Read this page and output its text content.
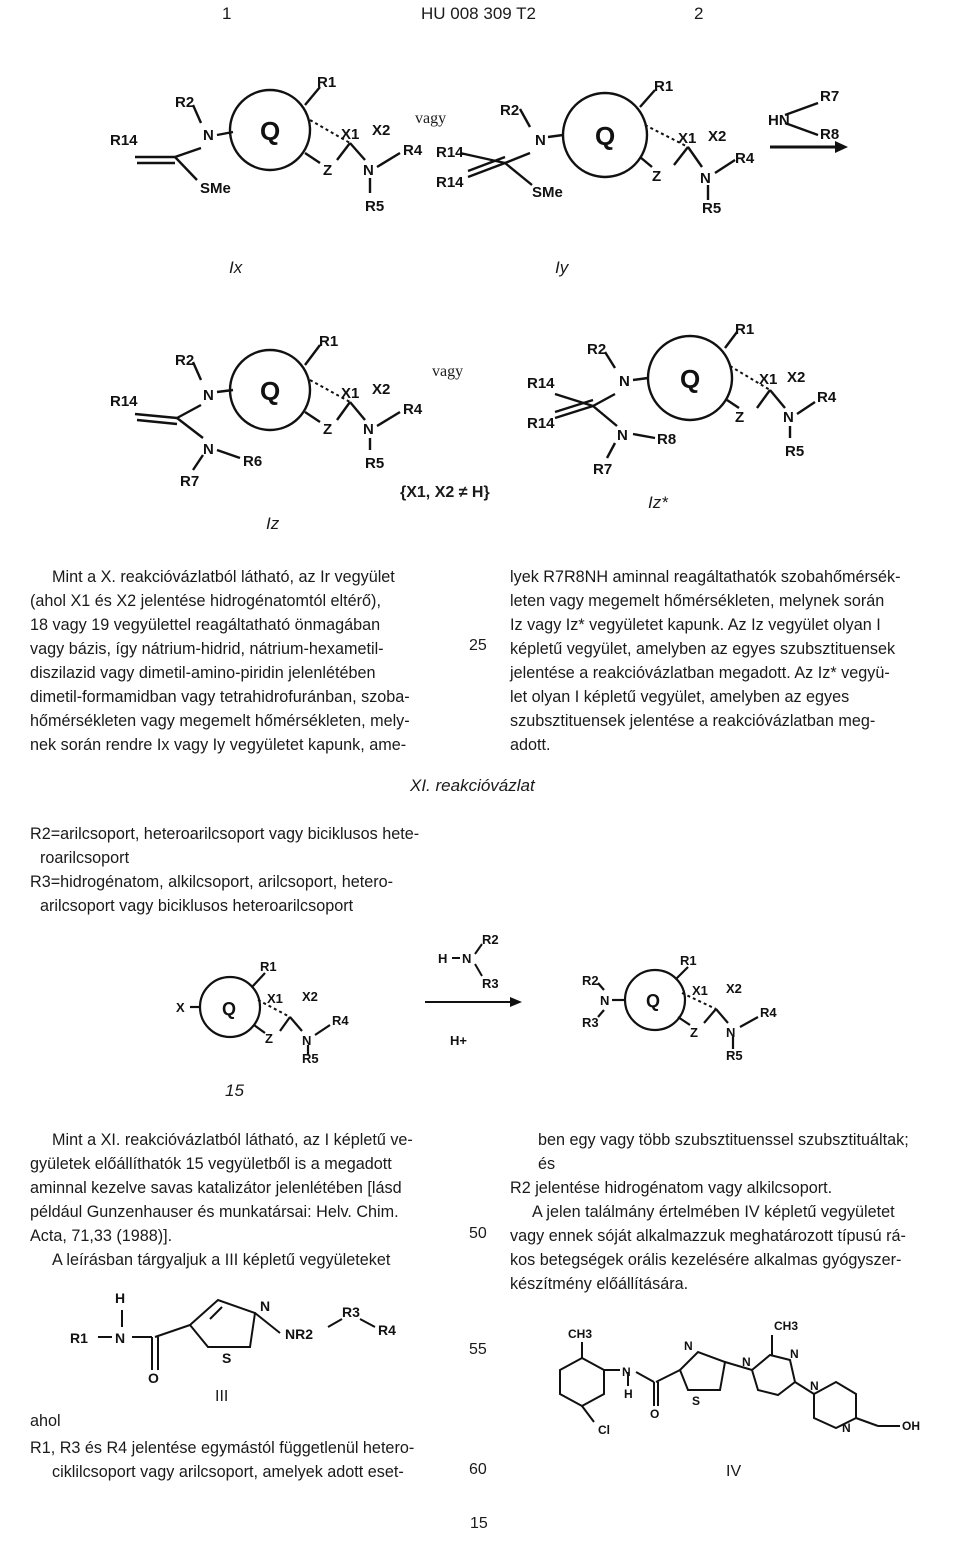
1	HU 008 309 T2	2
Q
N
R2
R14
SMe
R1
X1 X2
Z N
R4
R5
vagy
Q
N
R2
R14
R14
SMe
R1
X1 X2
Z	N
R4
R5
HN
R7
R8
Ix	Iy
Q
N
R2
R14
N
R6
R7
R1
X1 X2
Z N
R4
R5
vagy
{X1, X2 ≠ H}
Q
N
R2
R14
R14
N R8
R7
R1
X1 X2
Z	N
R4
R5
Iz*
Iz
Mint a X. reakcióvázlatból látható, az Ir vegyület
(ahol X1 és X2 jelentése hidrogénatomtól eltérő),
18 vagy 19 vegyülettel reagáltatható önmagában
vagy bázis, így nátrium-hidrid, nátrium-hexametil-
diszilazid vagy dimetil-amino-piridin jelenlétében
dimetil-formamidban vagy tetrahidrofuránban, szoba-
hőmérsékleten vagy megemelt hőmérsékleten, mely-
nek során rendre Ix vagy Iy vegyületet kapunk, ame-
25
lyek R7R8NH aminnal reagáltathatók szobahőmérsék-
leten vagy megemelt hőmérsékleten, melynek során
Iz vagy Iz* vegyületet kapunk. Az Iz vegyület olyan I
képletű vegyület, amelyben az egyes szubsztituensek
jelentése a reakcióvázlatban megadott. Az Iz* vegyü-
let olyan I képletű vegyület, amelyben az egyes
szubsztituensek jelentése a reakcióvázlatban meg-
adott.
XI. reakcióvázlat
R2=arilcsoport, heteroarilcsoport vagy biciklusos hete-
roarilcsoport
R3=hidrogénatom, alkilcsoport, arilcsoport, hetero-
arilcsoport vagy biciklusos heteroarilcsoport
Q
X
R1
X1 X2
Z N
R4
R5
H N
R2
R3
H+
Q
N
R2
R3
R1
X1 X2
Z N
R4
R5
15
Mint a XI. reakcióvázlatból látható, az I képletű ve-
gyületek előállíthatók 15 vegyületből is a megadott
aminnal kezelve savas katalizátor jelenlétében [lásd
például Gunzenhauser és munkatársai: Helv. Chim.
Acta, 71,33 (1988)].
A leírásban tárgyaljuk a III képletű vegyületeket
50
ben egy vagy több szubsztituenssel szubsztituáltak;
és
R2 jelentése hidrogénatom vagy alkilcsoport.
A jelen találmány értelmében IV képletű vegyületet
vagy ennek sóját alkalmazzuk meghatározott típusú rá-
kos betegségek orális kezelésére alkalmas gyógyszer-
készítmény előállítására.
55
60
R1 N
H
O
N
S
NR2
R3
R4
III
CH3
Cl
N
H
O
N
S
N
CH3
N
N
N	OH
IV
ahol
R1, R3 és R4 jelentése egymástól függetlenül hetero-
ciklilcsoport vagy arilcsoport, amelyek adott eset-
15
